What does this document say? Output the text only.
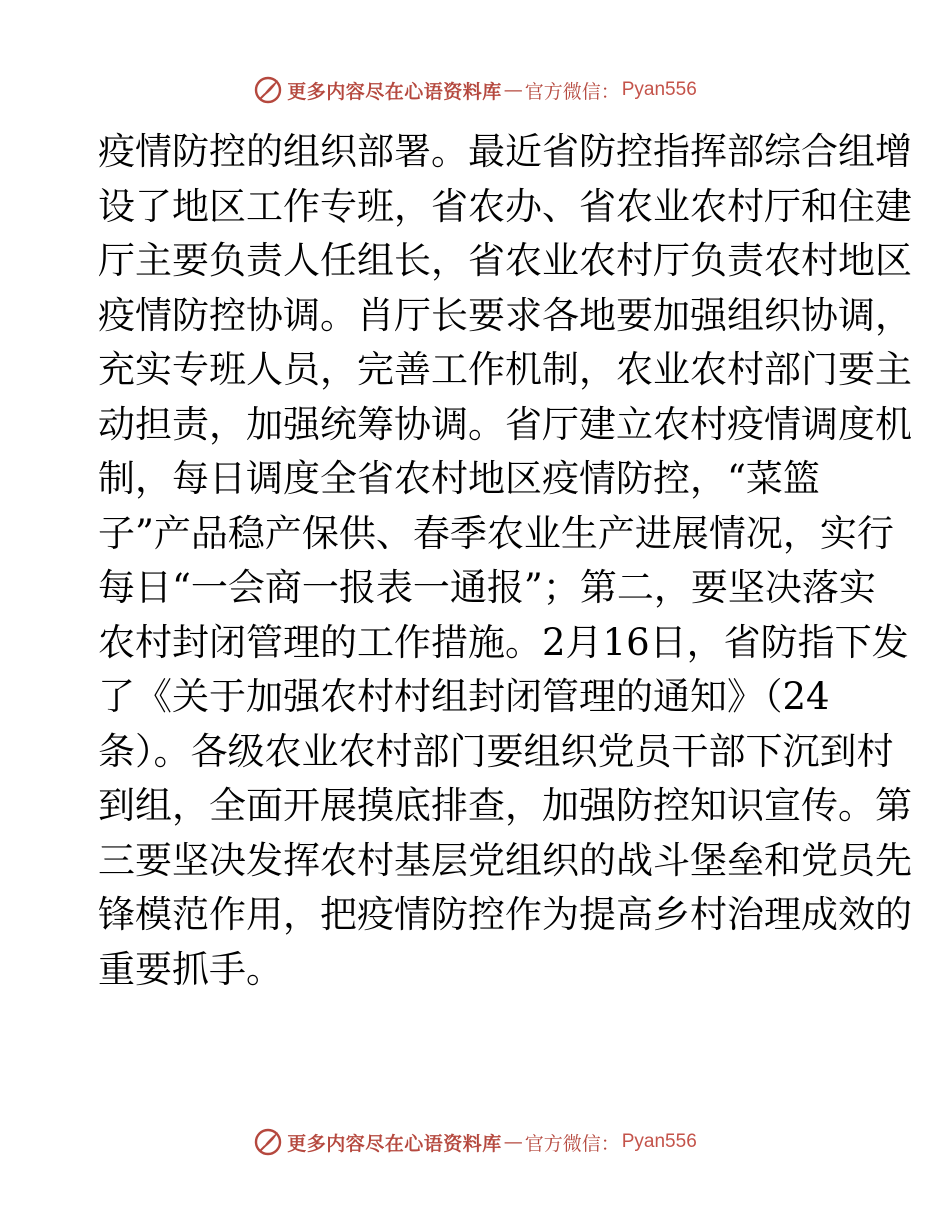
更多内容尽在心语资料库 — 官方微信： Pyan556
疫情防控的组织部署。最近省防控指挥部综合组增
设了地区工作专班，省农办、省农业农村厅和住建
厅主要负责人任组长，省农业农村厅负责农村地区
疫情防控协调。肖厅长要求各地要加强组织协调，
充实专班人员，完善工作机制，农业农村部门要主
动担责，加强统筹协调。省厅建立农村疫情调度机
制，每日调度全省农村地区疫情防控，“菜篮
子”产品稳产保供、春季农业生产进展情况，实行
每日“一会商一报表一通报”；第二，要坚决落实
农村封闭管理的工作措施。2月16日，省防指下发
了《关于加强农村村组封闭管理的通知》（24
条）。各级农业农村部门要组织党员干部下沉到村
到组，全面开展摸底排查，加强防控知识宣传。第
三要坚决发挥农村基层党组织的战斗堡垒和党员先
锋模范作用，把疫情防控作为提高乡村治理成效的
重要抓手。
更多内容尽在心语资料库 — 官方微信： Pyan556
